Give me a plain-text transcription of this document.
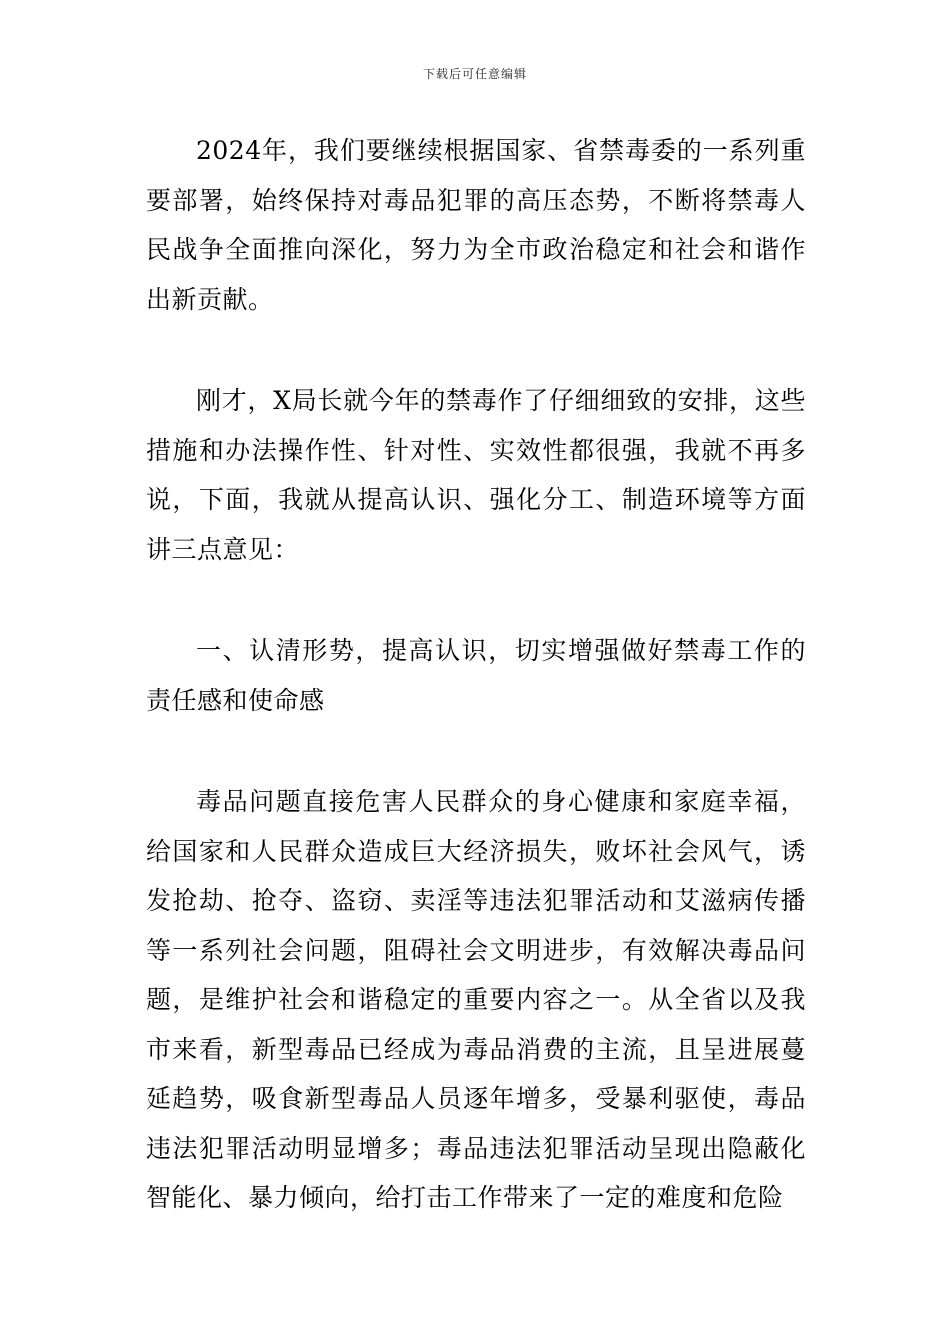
下载后可任意编辑

2024年，我们要继续根据国家、省禁毒委的一系列重要部署，始终保持对毒品犯罪的高压态势，不断将禁毒人民战争全面推向深化，努力为全市政治稳定和社会和谐作出新贡献。

刚才，X局长就今年的禁毒作了仔细细致的安排，这些措施和办法操作性、针对性、实效性都很强，我就不再多说，下面，我就从提高认识、强化分工、制造环境等方面讲三点意见：

一、认清形势，提高认识，切实增强做好禁毒工作的责任感和使命感

毒品问题直接危害人民群众的身心健康和家庭幸福，给国家和人民群众造成巨大经济损失，败坏社会风气，诱发抢劫、抢夺、盗窃、卖淫等违法犯罪活动和艾滋病传播等一系列社会问题，阻碍社会文明进步，有效解决毒品问题，是维护社会和谐稳定的重要内容之一。从全省以及我市来看，新型毒品已经成为毒品消费的主流，且呈进展蔓延趋势，吸食新型毒品人员逐年增多，受暴利驱使，毒品违法犯罪活动明显增多；毒品违法犯罪活动呈现出隐蔽化智能化、暴力倾向，给打击工作带来了一定的难度和危险
